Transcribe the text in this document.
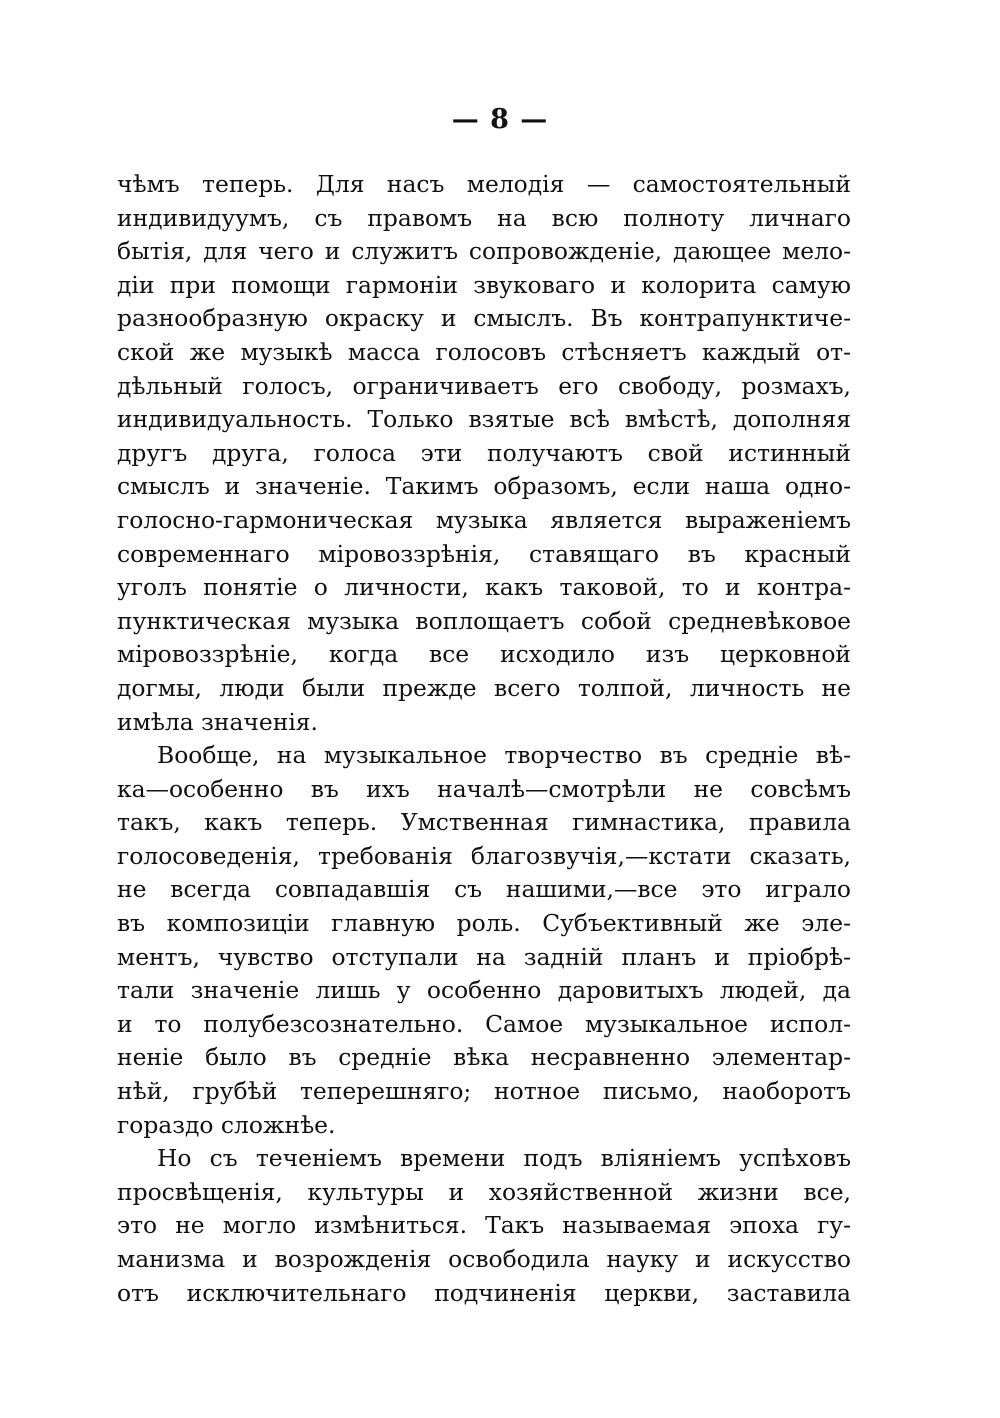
— 8 —
чѣмъ теперь. Для насъ мелодія — самостоятельный
индивидуумъ, съ правомъ на всю полноту личнаго
бытія, для чего и служитъ сопровожденіе, дающее мело-
діи при помощи гармоніи звуковаго и колорита самую
разнообразную окраску и смыслъ. Въ контрапунктиче-
ской же музыкѣ масса голосовъ стѣсняетъ каждый от-
дѣльный голосъ, ограничиваетъ его свободу, розмахъ,
индивидуальность. Только взятые всѣ вмѣстѣ, дополняя
другъ друга, голоса эти получаютъ свой истинный
смыслъ и значеніе. Такимъ образомъ, если наша одно-
голосно-гармоническая музыка является выраженіемъ
современнаго міровоззрѣнія, ставящаго въ красный
уголъ понятіе о личности, какъ таковой, то и контра-
пунктическая музыка воплощаетъ собой средневѣковое
міровоззрѣніе, когда все исходило изъ церковной
догмы, люди были прежде всего толпой, личность не
имѣла значенія.
Вообще, на музыкальное творчество въ средніе вѣ-
ка—особенно въ ихъ началѣ—смотрѣли не совсѣмъ
такъ, какъ теперь. Умственная гимнастика, правила
голосоведенія, требованія благозвучія,—кстати сказать,
не всегда совпадавшія съ нашими,—все это играло
въ композиціи главную роль. Субъективный же эле-
ментъ, чувство отступали на задній планъ и пріобрѣ-
тали значеніе лишь у особенно даровитыхъ людей, да
и то полубезсознательно. Самое музыкальное испол-
неніе было въ средніе вѣка несравненно элементар-
нѣй, грубѣй теперешняго; нотное письмо, наоборотъ
гораздо сложнѣе.
Но съ теченіемъ времени подъ вліяніемъ успѣховъ
просвѣщенія, культуры и хозяйственной жизни все,
это не могло измѣниться. Такъ называемая эпоха гу-
манизма и возрожденія освободила науку и искусство
отъ исключительнаго подчиненія церкви, заставила
